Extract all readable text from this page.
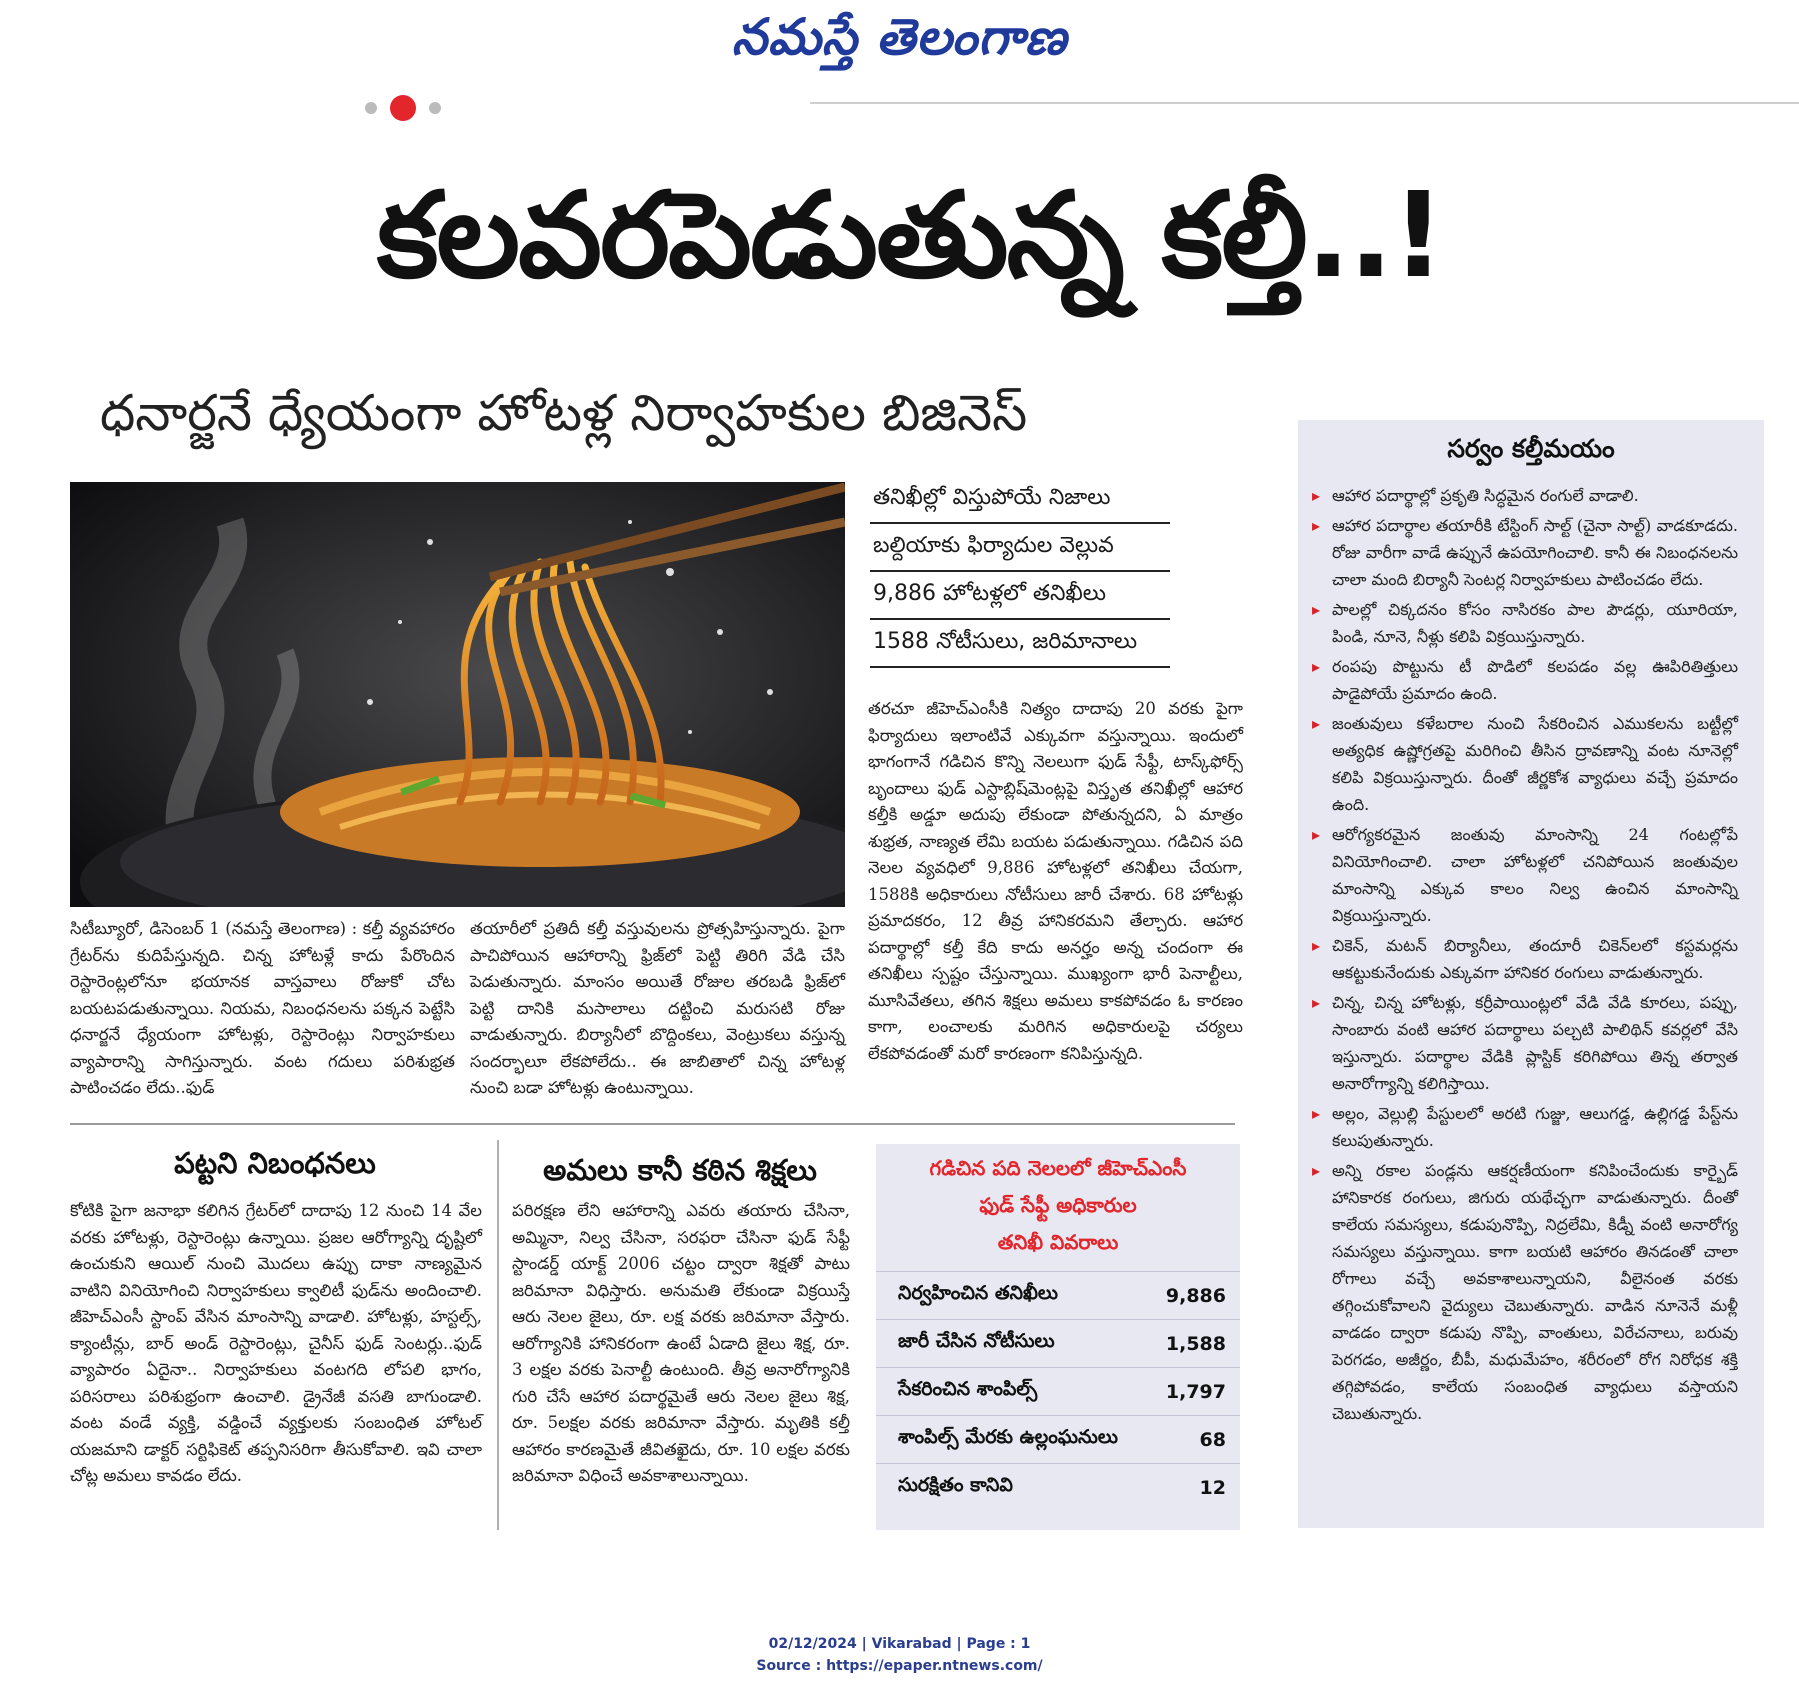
నమస్తే తెలంగాణ

కలవరపెడుతున్న కల్తీ..!
ధనార్జనే ధ్యేయంగా హోటళ్ల నిర్వాహకుల బిజినెస్
తనిఖీల్లో విస్తుపోయే నిజాలు
బల్దియాకు ఫిర్యాదుల వెల్లువ
9,886 హోటళ్లలో తనిఖీలు
1588 నోటీసులు, జరిమానాలు

తరచూ జీహెచ్ఎంసీకి నిత్యం దాదాపు 20 వరకు పైగా ఫిర్యాదులు ఇలాంటివే ఎక్కువగా వస్తున్నాయి. ఇందులో భాగంగానే గడిచిన కొన్ని నెలలుగా ఫుడ్ సేఫ్టీ, టాస్క్‌ఫోర్స్ బృందాలు ఫుడ్ ఎస్టాబ్లిష్‌మెంట్లపై విస్తృత తనిఖీల్లో ఆహార కల్తీకి అడ్డూ అదుపు లేకుండా పోతున్నదని, ఏ మాత్రం శుభ్రత, నాణ్యత లేమి బయట పడుతున్నాయి. గడిచిన పది నెలల వ్యవధిలో 9,886 హోటళ్లలో తనిఖీలు చేయగా, 1588కి అధికారులు నోటీసులు జారీ చేశారు. 68 హోటళ్లు ప్రమాదకరం, 12 తీవ్ర హానికరమని తేల్చారు. ఆహార పదార్థాల్లో కల్తీ కేది కాదు అనర్హం అన్న చందంగా ఈ తనిఖీలు స్పష్టం చేస్తున్నాయి. ముఖ్యంగా భారీ పెనాల్టీలు, మూసివేతలు, తగిన శిక్షలు అమలు కాకపోవడం ఓ కారణం కాగా, లంచాలకు మరిగిన అధికారులపై చర్యలు లేకపోవడంతో మరో కారణంగా కనిపిస్తున్నది.

సిటీబ్యూరో, డిసెంబర్ 1 (నమస్తే తెలంగాణ) : కల్తీ వ్యవహారం గ్రేటర్‌ను కుదిపేస్తున్నది. చిన్న హోటళ్లే కాదు పేరొందిన రెస్టారెంట్లలోనూ భయానక వాస్తవాలు రోజుకో చోట బయటపడుతున్నాయి. నియమ, నిబంధనలను పక్కన పెట్టేసి ధనార్జనే ధ్యేయంగా హోటళ్లు, రెస్టారెంట్లు నిర్వాహకులు వ్యాపారాన్ని సాగిస్తున్నారు. వంట గదులు పరిశుభ్రత పాటించడం లేదు..ఫుడ్

తయారీలో ప్రతిదీ కల్తీ వస్తువులను ప్రోత్సహిస్తున్నారు. పైగా పాచిపోయిన ఆహారాన్ని ఫ్రిజ్‌లో పెట్టి తిరిగి వేడి చేసి పెడుతున్నారు. మాంసం అయితే రోజుల తరబడి ఫ్రిజ్‌లో పెట్టి దానికి మసాలాలు దట్టించి మరుసటి రోజు వాడుతున్నారు. బిర్యానీలో బొద్దింకలు, వెంట్రుకలు వస్తున్న సందర్భాలూ లేకపోలేదు.. ఈ జాబితాలో చిన్న హోటళ్ల నుంచి బడా హోటళ్లు ఉంటున్నాయి.

పట్టని నిబంధనలు

కోటికి పైగా జనాభా కలిగిన గ్రేటర్‌లో దాదాపు 12 నుంచి 14 వేల వరకు హోటళ్లు, రెస్టారెంట్లు ఉన్నాయి. ప్రజల ఆరోగ్యాన్ని దృష్టిలో ఉంచుకుని ఆయిల్ నుంచి మొదలు ఉప్పు దాకా నాణ్యమైన వాటిని వినియోగించి నిర్వాహకులు క్వాలిటీ ఫుడ్‌ను అందించాలి. జీహెచ్ఎంసీ స్టాంప్ వేసిన మాంసాన్ని వాడాలి. హోటళ్లు, హస్టల్స్, క్యాంటీన్లు, బార్ అండ్ రెస్టారెంట్లు, చైనీస్ ఫుడ్ సెంటర్లు..ఫుడ్ వ్యాపారం ఏదైనా.. నిర్వాహకులు వంటగది లోపలి భాగం, పరిసరాలు పరిశుభ్రంగా ఉంచాలి. డ్రైనేజీ వసతి బాగుండాలి. వంట వండే వ్యక్తి, వడ్డించే వ్యక్తులకు సంబంధిత హోటల్ యజమాని డాక్టర్ సర్టిఫికెట్ తప్పనిసరిగా తీసుకోవాలి. ఇవి చాలా చోట్ల అమలు కావడం లేదు.

అమలు కానీ కఠిన శిక్షలు

పరిరక్షణ లేని ఆహారాన్ని ఎవరు తయారు చేసినా, అమ్మినా, నిల్వ చేసినా, సరఫరా చేసినా ఫుడ్ సేఫ్టీ స్టాండర్డ్ యాక్ట్ 2006 చట్టం ద్వారా శిక్షతో పాటు జరిమానా విధిస్తారు. అనుమతి లేకుండా విక్రయిస్తే ఆరు నెలల జైలు, రూ. లక్ష వరకు జరిమానా వేస్తారు. ఆరోగ్యానికి హానికరంగా ఉంటే ఏడాది జైలు శిక్ష, రూ. 3 లక్షల వరకు పెనాల్టీ ఉంటుంది. తీవ్ర అనారోగ్యానికి గురి చేసే ఆహార పదార్థమైతే ఆరు నెలల జైలు శిక్ష, రూ. 5లక్షల వరకు జరిమానా వేస్తారు. మృతికి కల్తీ ఆహారం కారణమైతే జీవితఖైదు, రూ. 10 లక్షల వరకు జరిమానా విధించే అవకాశాలున్నాయి.

గడిచిన పది నెలలలో జీహెచ్ఎంసీ
ఫుడ్ సేఫ్టీ అధికారుల
తనిఖీ వివరాలు
నిర్వహించిన తనిఖీలు	9,886
జారీ చేసిన నోటీసులు	1,588
సేకరించిన శాంపిల్స్	1,797
శాంపిల్స్ మేరకు ఉల్లంఘనులు	68
సురక్షితం కానివి	12
సర్వం కల్తీమయం
▸ ఆహార పదార్థాల్లో ప్రకృతి సిద్ధమైన రంగులే వాడాలి.
▸ ఆహార పదార్థాల తయారీకి టేస్టింగ్ సాల్ట్ (చైనా సాల్ట్) వాడకూడదు. రోజు వారీగా వాడే ఉప్పునే ఉపయోగించాలి. కానీ ఈ నిబంధనలను చాలా మంది బిర్యానీ సెంటర్ల నిర్వాహకులు పాటించడం లేదు.
▸ పాలల్లో చిక్కదనం కోసం నాసిరకం పాల పౌడర్లు, యూరియా, పిండి, నూనె, నీళ్లు కలిపి విక్రయిస్తున్నారు.
▸ రంపపు పొట్టును టీ పొడిలో కలపడం వల్ల ఊపిరితిత్తులు పాడైపోయే ప్రమాదం ఉంది.
▸ జంతువులు కళేబరాల నుంచి సేకరించిన ఎముకలను బట్టీల్లో అత్యధిక ఉష్ణోగ్రతపై మరిగించి తీసిన ద్రావణాన్ని వంట నూనెల్లో కలిపి విక్రయిస్తున్నారు. దీంతో జీర్ణకోశ వ్యాధులు వచ్చే ప్రమాదం ఉంది.
▸ ఆరోగ్యకరమైన జంతువు మాంసాన్ని 24 గంటల్లోపే వినియోగించాలి. చాలా హోటళ్లలో చనిపోయిన జంతువుల మాంసాన్ని ఎక్కువ కాలం నిల్వ ఉంచిన మాంసాన్ని విక్రయిస్తున్నారు.
▸ చికెన్, మటన్ బిర్యానీలు, తందూరీ చికెన్‌లలో కస్టమర్లను ఆకట్టుకునేందుకు ఎక్కువగా హానికర రంగులు వాడుతున్నారు.
▸ చిన్న, చిన్న హోటళ్లు, కర్రీపాయింట్లలో వేడి వేడి కూరలు, పప్పు, సాంబారు వంటి ఆహార పదార్థాలు పల్చటి పాలిథిన్ కవర్లలో వేసి ఇస్తున్నారు. పదార్థాల వేడికి ప్లాస్టిక్ కరిగిపోయి తిన్న తర్వాత అనారోగ్యాన్ని కలిగిస్తాయి.
▸ అల్లం, వెల్లుల్లి పేస్టులలో అరటి గుజ్జు, ఆలుగడ్డ, ఉల్లిగడ్డ పేస్ట్‌ను కలుపుతున్నారు.
▸ అన్ని రకాల పండ్లను ఆకర్షణీయంగా కనిపించేందుకు కార్బైడ్ హానికారక రంగులు, జిగురు యథేచ్ఛగా వాడుతున్నారు. దీంతో కాలేయ సమస్యలు, కడుపునొప్పి, నిద్రలేమి, కిడ్నీ వంటి అనారోగ్య సమస్యలు వస్తున్నాయి. కాగా బయటి ఆహారం తినడంతో చాలా రోగాలు వచ్చే అవకాశాలున్నాయని, వీలైనంత వరకు తగ్గించుకోవాలని వైద్యులు చెబుతున్నారు. వాడిన నూనెనే మళ్లీ వాడడం ద్వారా కడుపు నొప్పి, వాంతులు, విరేచనాలు, బరువు పెరగడం, అజీర్ణం, బీపీ, మధుమేహం, శరీరంలో రోగ నిరోధక శక్తి తగ్గిపోవడం, కాలేయ సంబంధిత వ్యాధులు వస్తాయని చెబుతున్నారు.
02/12/2024 | Vikarabad | Page : 1
Source : https://epaper.ntnews.com/
